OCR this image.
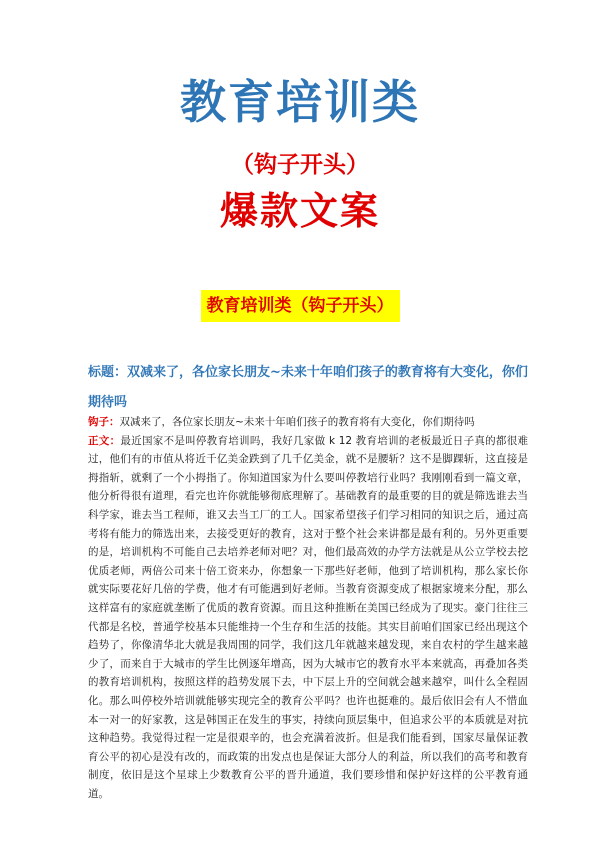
教育培训类
（钩子开头）
爆款文案
教育培训类（钩子开头）
标题：双减来了，各位家长朋友~未来十年咱们孩子的教育将有大变化，你们期待吗
钩子：双减来了，各位家长朋友~未来十年咱们孩子的教育将有大变化，你们期待吗
正文：最近国家不是叫停教育培训吗，我好几家做 k 12 教育培训的老板最近日子真的都很难过，他们有的市值从将近千亿美金跌到了几千亿美金，就不是腰斩？这不是脚踝斩，这直接是拇指斩，就剩了一个小拇指了。你知道国家为什么要叫停教培行业吗？我刚刚看到一篇文章，他分析得很有道理，看完也许你就能够彻底理解了。基础教育的最重要的目的就是筛选谁去当科学家，谁去当工程师，谁又去当工厂的工人。国家希望孩子们学习相同的知识之后，通过高考将有能力的筛选出来，去接受更好的教育，这对于整个社会来讲都是最有利的。另外更重要的是，培训机构不可能自己去培养老师对吧？对，他们最高效的办学方法就是从公立学校去挖优质老师，两倍公司来十倍工资来办，你想象一下那些好老师，他到了培训机构，那么家长你就实际要花好几倍的学费，他才有可能遇到好老师。当教育资源变成了根据家境来分配，那么这样富有的家庭就垄断了优质的教育资源。而且这种推断在美国已经成为了现实。豪门往往三代都是名校，普通学校基本只能维持一个生存和生活的技能。其实目前咱们国家已经出现这个趋势了，你像清华北大就是我周围的同学，我们这几年就越来越发现，来自农村的学生越来越少了，而来自于大城市的学生比例逐年增高，因为大城市它的教育水平本来就高，再叠加各类的教育培训机构，按照这样的趋势发展下去，中下层上升的空间就会越来越窄，叫什么全程固化。那么叫停校外培训就能够实现完全的教育公平吗？也许也挺难的。最后依旧会有人不惜血本一对一的好家教，这是韩国正在发生的事实，持续向顶层集中，但追求公平的本质就是对抗这种趋势。我觉得过程一定是很艰辛的，也会充满着波折。但是我们能看到，国家尽量保证教育公平的初心是没有改的，而政策的出发点也是保证大部分人的利益，所以我们的高考和教育制度，依旧是这个星球上少数教育公平的晋升通道，我们要珍惜和保护好这样的公平教育通道。
